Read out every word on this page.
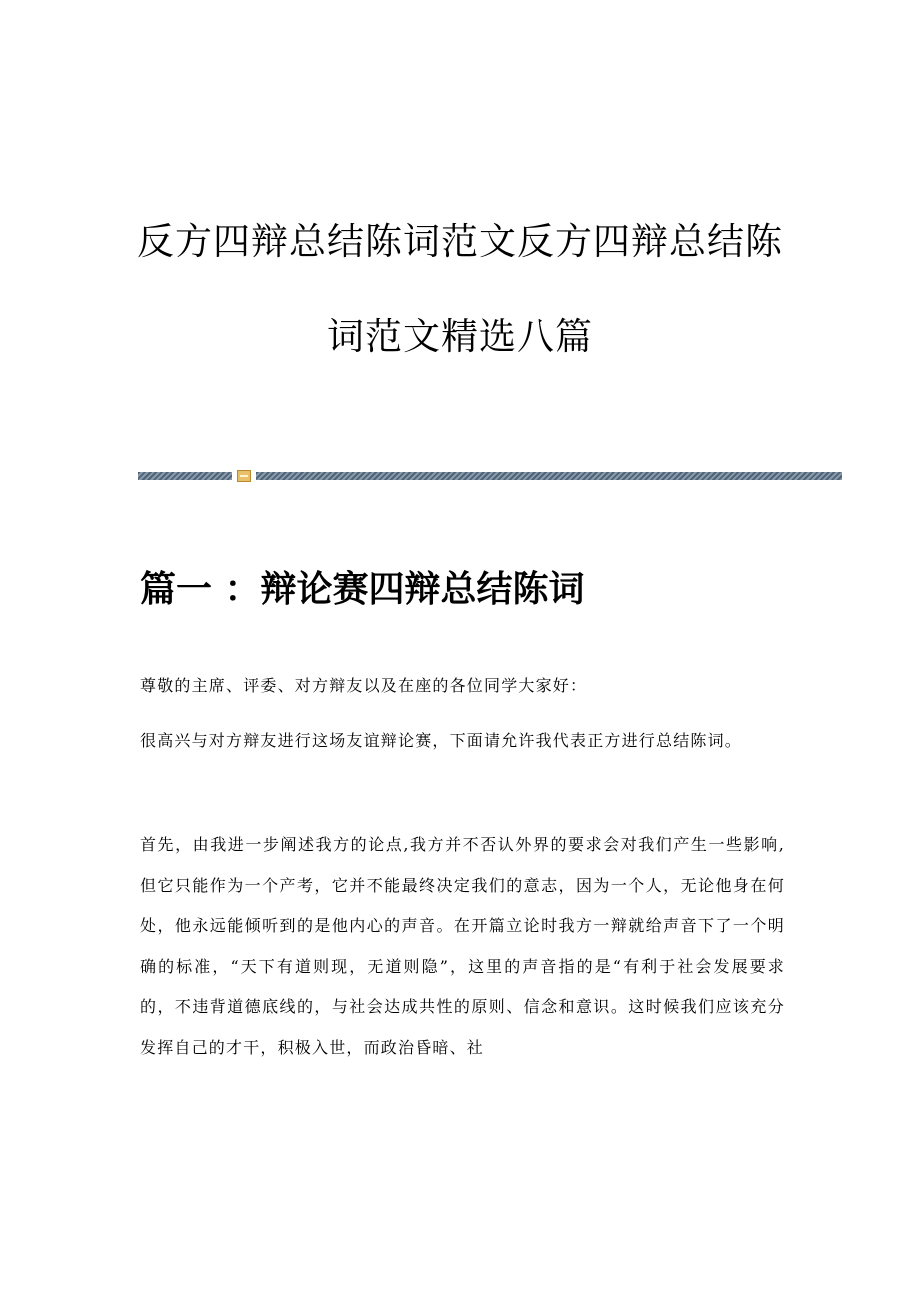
反方四辩总结陈词范文反方四辩总结陈
词范文精选八篇
篇一 ：辩论赛四辩总结陈词

尊敬的主席、评委、对方辩友以及在座的各位同学大家好：

很高兴与对方辩友进行这场友谊辩论赛，下面请允许我代表正方进行总结陈词。

首先，由我进一步阐述我方的论点,我方并不否认外界的要求会对我们产生一些影响,但它只能作为一个产考，它并不能最终决定我们的意志，因为一个人，无论他身在何处，他永远能倾听到的是他内心的声音。在开篇立论时我方一辩就给声音下了一个明确的标准，“天下有道则现，无道则隐”，这里的声音指的是“有利于社会发展要求的，不违背道德底线的，与社会达成共性的原则、信念和意识。这时候我们应该充分发挥自己的才干，积极入世，而政治昏暗、社
